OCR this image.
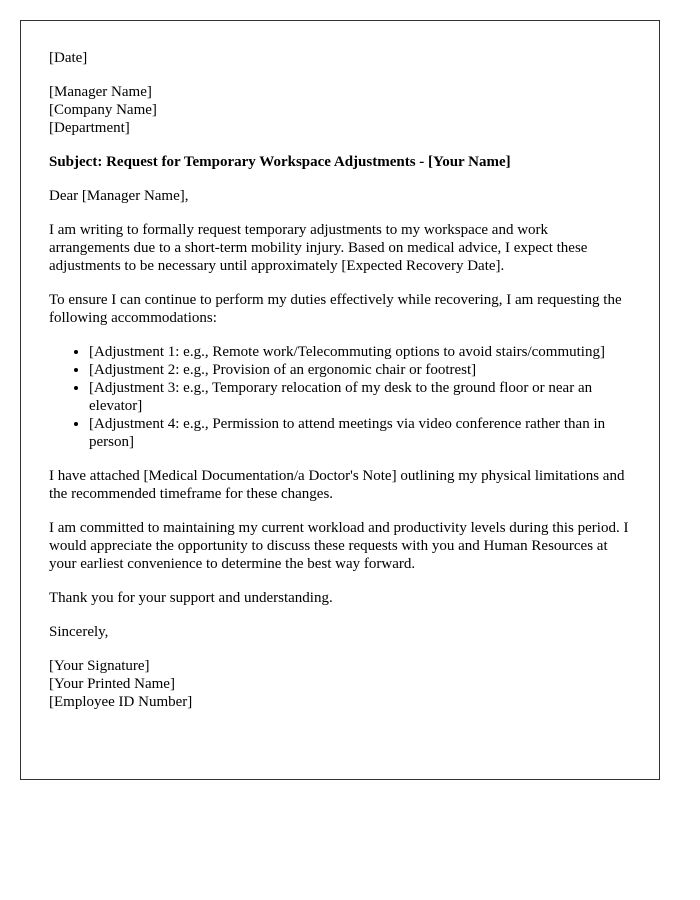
[Date]

[Manager Name]
[Company Name]
[Department]

Subject: Request for Temporary Workspace Adjustments - [Your Name]

Dear [Manager Name],

I am writing to formally request temporary adjustments to my workspace and work arrangements due to a short-term mobility injury. Based on medical advice, I expect these adjustments to be necessary until approximately [Expected Recovery Date].

To ensure I can continue to perform my duties effectively while recovering, I am requesting the following accommodations:

• [Adjustment 1: e.g., Remote work/Telecommuting options to avoid stairs/commuting]
• [Adjustment 2: e.g., Provision of an ergonomic chair or footrest]
• [Adjustment 3: e.g., Temporary relocation of my desk to the ground floor or near an elevator]
• [Adjustment 4: e.g., Permission to attend meetings via video conference rather than in person]

I have attached [Medical Documentation/a Doctor's Note] outlining my physical limitations and the recommended timeframe for these changes.

I am committed to maintaining my current workload and productivity levels during this period. I would appreciate the opportunity to discuss these requests with you and Human Resources at your earliest convenience to determine the best way forward.

Thank you for your support and understanding.

Sincerely,

[Your Signature]
[Your Printed Name]
[Employee ID Number]
